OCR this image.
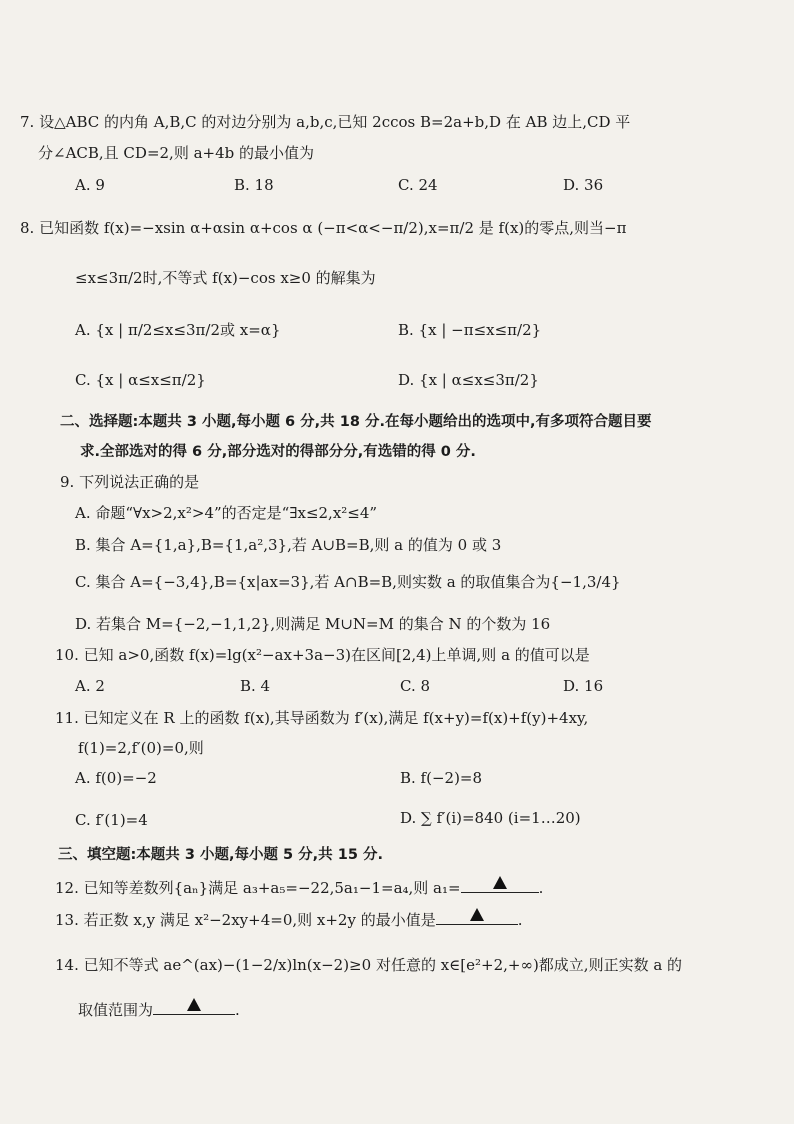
7. 设△ABC 的内角 A,B,C 的对边分别为 a,b,c,已知 2ccos B=2a+b,D 在 AB 边上,CD 平
分∠ACB,且 CD=2,则 a+4b 的最小值为
A. 9	B. 18	C. 24	D. 36
8. 已知函数 f(x)=−xsin α+αsin α+cos α (−π<α<−π/2),x=π/2 是 f(x)的零点,则当−π
≤x≤3π/2时,不等式 f(x)−cos x≥0 的解集为
A. {x | π/2≤x≤3π/2或 x=α}	B. {x | −π≤x≤π/2}
C. {x | α≤x≤π/2}	D. {x | α≤x≤3π/2}
二、选择题:本题共 3 小题,每小题 6 分,共 18 分.在每小题给出的选项中,有多项符合题目要
求.全部选对的得 6 分,部分选对的得部分分,有选错的得 0 分.
9. 下列说法正确的是
A. 命题“∀x>2,x²>4”的否定是“∃x≤2,x²≤4”
B. 集合 A={1,a},B={1,a²,3},若 A∪B=B,则 a 的值为 0 或 3
C. 集合 A={−3,4},B={x|ax=3},若 A∩B=B,则实数 a 的取值集合为{−1,3/4}
D. 若集合 M={−2,−1,1,2},则满足 M∪N=M 的集合 N 的个数为 16
10. 已知 a>0,函数 f(x)=lg(x²−ax+3a−3)在区间[2,4)上单调,则 a 的值可以是
A. 2	B. 4	C. 8	D. 16
11. 已知定义在 R 上的函数 f(x),其导函数为 f′(x),满足 f(x+y)=f(x)+f(y)+4xy,
f(1)=2,f′(0)=0,则
A. f(0)=−2	B. f(−2)=8
C. f′(1)=4	D. ∑ f′(i)=840 (i=1…20)
三、填空题:本题共 3 小题,每小题 5 分,共 15 分.
12. 已知等差数列{aₙ}满足 a₃+a₅=−22,5a₁−1=a₄,则 a₁=	.
13. 若正数 x,y 满足 x²−2xy+4=0,则 x+2y 的最小值是	.
14. 已知不等式 ae^(ax)−(1−2/x)ln(x−2)≥0 对任意的 x∈[e²+2,+∞)都成立,则正实数 a 的
取值范围为	.
